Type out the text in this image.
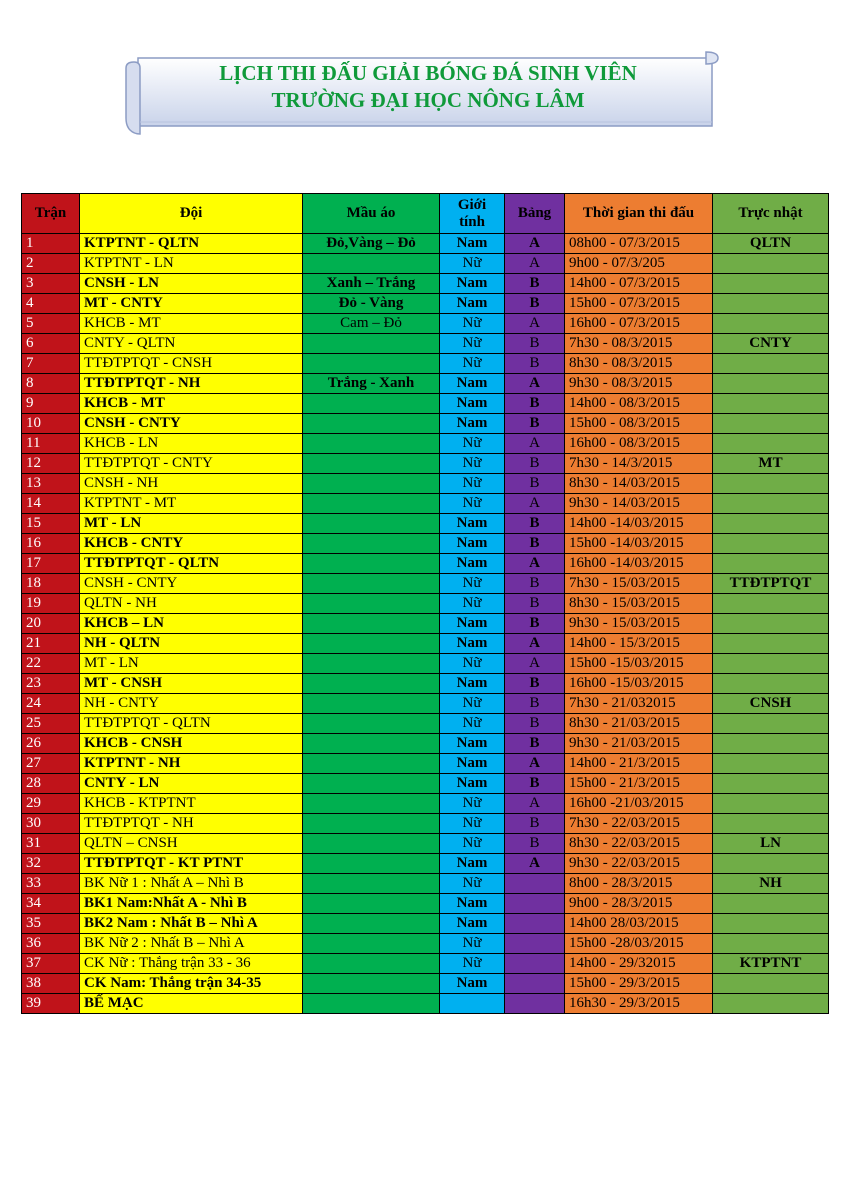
LỊCH THI ĐẤU GIẢI BÓNG ĐÁ SINH VIÊN
TRƯỜNG ĐẠI HỌC NÔNG LÂM
Trận	Đội	Mầu áo	Giới tính	Bảng	Thời gian thi đấu	Trực nhật
1	KTPTNT - QLTN	Đỏ,Vàng – Đỏ	Nam	A	08h00 - 07/3/2015	QLTN
2	KTPTNT - LN		Nữ	A	9h00 - 07/3/205	
3	CNSH - LN	Xanh – Trắng	Nam	B	14h00 - 07/3/2015	
4	MT - CNTY	Đỏ - Vàng	Nam	B	15h00 - 07/3/2015	
5	KHCB - MT	Cam – Đỏ	Nữ	A	16h00 - 07/3/2015	
6	CNTY - QLTN		Nữ	B	7h30 - 08/3/2015	CNTY
7	TTĐTPTQT - CNSH		Nữ	B	8h30 - 08/3/2015	
8	TTĐTPTQT - NH	Trắng - Xanh	Nam	A	9h30 - 08/3/2015	
9	KHCB - MT		Nam	B	14h00 - 08/3/2015	
10	CNSH - CNTY		Nam	B	15h00 - 08/3/2015	
11	KHCB - LN		Nữ	A	16h00 - 08/3/2015	
12	TTĐTPTQT - CNTY		Nữ	B	7h30 - 14/3/2015	MT
13	CNSH - NH		Nữ	B	8h30 - 14/03/2015	
14	KTPTNT - MT		Nữ	A	9h30 - 14/03/2015	
15	MT - LN		Nam	B	14h00 -14/03/2015	
16	KHCB - CNTY		Nam	B	15h00 -14/03/2015	
17	TTĐTPTQT - QLTN		Nam	A	16h00 -14/03/2015	
18	CNSH - CNTY		Nữ	B	7h30 - 15/03/2015	TTĐTPTQT
19	QLTN - NH		Nữ	B	8h30 - 15/03/2015	
20	KHCB – LN		Nam	B	9h30 - 15/03/2015	
21	NH - QLTN		Nam	A	14h00 - 15/3/2015	
22	MT - LN		Nữ	A	15h00 -15/03/2015	
23	MT - CNSH		Nam	B	16h00 -15/03/2015	
24	NH - CNTY		Nữ	B	7h30 - 21/032015	CNSH
25	TTĐTPTQT - QLTN		Nữ	B	8h30 - 21/03/2015	
26	KHCB - CNSH		Nam	B	9h30 - 21/03/2015	
27	KTPTNT - NH		Nam	A	14h00 - 21/3/2015	
28	CNTY - LN		Nam	B	15h00 - 21/3/2015	
29	KHCB - KTPTNT		Nữ	A	16h00 -21/03/2015	
30	TTĐTPTQT - NH		Nữ	B	7h30 - 22/03/2015	
31	QLTN – CNSH		Nữ	B	8h30 - 22/03/2015	LN
32	TTĐTPTQT - KT PTNT		Nam	A	9h30 - 22/03/2015	
33	BK Nữ 1 : Nhất A – Nhì B		Nữ		8h00 - 28/3/2015	NH
34	BK1 Nam:Nhất A - Nhì B		Nam		9h00 - 28/3/2015	
35	BK2 Nam : Nhất B – Nhì A		Nam		14h00 28/03/2015	
36	BK Nữ 2 : Nhất B – Nhì A		Nữ		15h00 -28/03/2015	
37	CK Nữ : Thắng trận 33 - 36		Nữ		14h00 - 29/32015	KTPTNT
38	CK Nam: Thắng trận 34-35		Nam		15h00 - 29/3/2015	
39	BẾ MẠC				16h30 - 29/3/2015	
